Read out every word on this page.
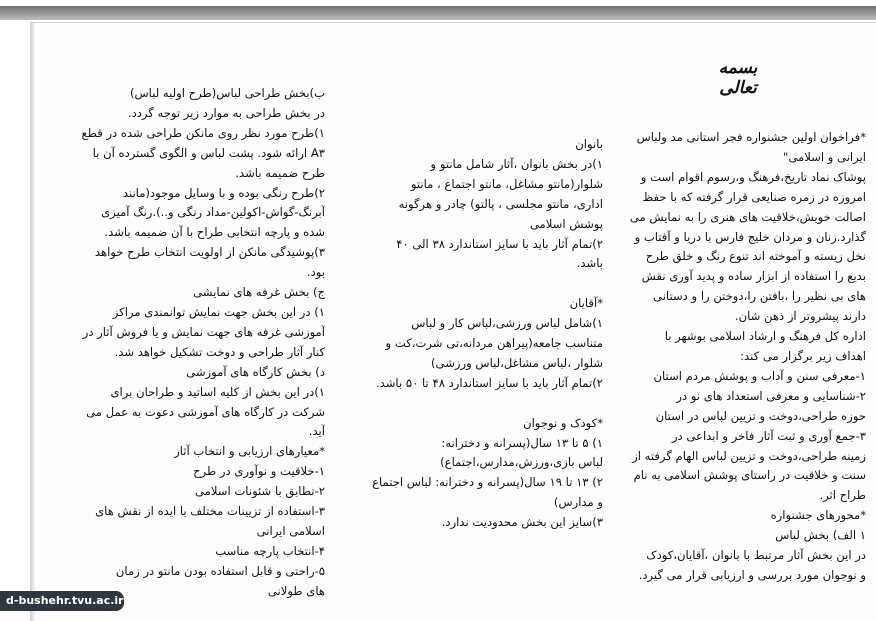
بسمه تعالی
*فراخوان اولین جشنواره فجر استانی مد ولباس
ایرانی و اسلامی"
پوشاک نماد تاریخ،فرهنگ و،رسوم اقوام است و
امروزه در زمره صنایعی قرار گرفته که با حفظ
اصالت خویش،خلاقیت های هنری را به نمایش می
گذارد.زنان و مردان خلیج فارس با دریا و آفتاب و
نخل زیسته و آموخته اند تنوع رنگ و خلق طرح
بدیع را استفاده از ابزار ساده و پدید آوری نقش
های بی نظیر را ،بافتن را،دوختن را و دستانی
دارند پیشروتر از ذهن شان.
اداره کل فرهنگ و ارشاد اسلامی بوشهر با
اهداف زیر برگزار می کند:
۱-معرفی سنن و آداب و پوشش مردم استان
۲-شناسایی و معرفی استعداد های نو در
حوزه طراحی،دوخت و تزیین لباس در استان
۳-جمع آوری و ثبت آثار فاخر و ابداعی در
زمینه طراحی،دوخت و تزیین لباس الهام گرفته از
سنت و خلاقیت در راستای پوشش اسلامی به نام
طراح اثر.
*محورهای جشنواره
۱ الف) بخش لباس
در این بخش آثار مرتبط با بانوان ،آقایان،کودک
و نوجوان مورد بررسی و ارزیابی قرار می گیرد.
بانوان
۱)در بخش بانوان ،آثار شامل مانتو و
شلوار(مانتو مشاغل، مانتو اجتماع ، مانتو
اداری، مانتو مجلسی ، پالتو) چادر و هرگونه
پوشش اسلامی
۲)تمام آثار باید با سایز استاندارد ۳۸ الی ۴۰
باشد.
*آقایان
۱)شامل لباس ورزشی،لباس کار و لباس
متناسب جامعه(پیراهن مردانه،تی شرت،کت و
شلوار ،لباس مشاغل،لباس ورزشی)
۲)تمام آثار باید با سایز استاندارد ۴۸ تا ۵۰ باشد.
*کودک و نوجوان
۱) ۵ تا ۱۳ سال(پسرانه و دخترانه:
لباس بازی،ورزش،مدارس،اجتماع)
۲) ۱۳ تا ۱۹ سال(پسرانه و دخترانه: لباس اجتماع
و مدارس)
۳)سایز این بخش محدودیت ندارد.
ب)بخش طراحی لباس(طرح اولیه لباس)
در بخش طراحی به موارد زیر توجه گردد.
۱)طرح مورد نظر روی مانکن طراحی شده در قطع
A۳ ارائه شود. پشت لباس و الگوی گسترده آن با
طرح ضمیمه باشد.
۲)طرح رنگی بوده و با وسایل موجود(مانند
آبرنگ-گواش-اکولین-مداد رنگی و..).رنگ آمیزی
شده و پارچه انتخابی طراح با آن ضمیمه باشد.
۳)پوشیدگی مانکن از اولویت انتخاب طرح خواهد
بود.
ج) بخش غرفه های نمایشی
۱) در این بخش جهت نمایش توانمندی مراکز
آموزشی غرفه های جهت نمایش و یا فروش آثار در
کنار آثار طراحی و دوخت تشکیل خواهد شد.
د) بخش کارگاه های آموزشی
۱)در این بخش از کلیه اساتید و طراحان برای
شرکت در کارگاه های آموزشی دعوت به عمل می
آید.
*معیارهای ارزیابی و انتخاب آثار
۱-خلاقیت و نوآوری در طرح
۲-تطابق با شئونات اسلامی
۳-استفاده از تزیینات مختلف با ایده از نقش های
اسلامی ایرانی
۴-انتخاب پارچه مناسب
۵-راحتی و قابل استفاده بودن مانتو در زمان
های طولانی
d-bushehr.tvu.ac.ir
